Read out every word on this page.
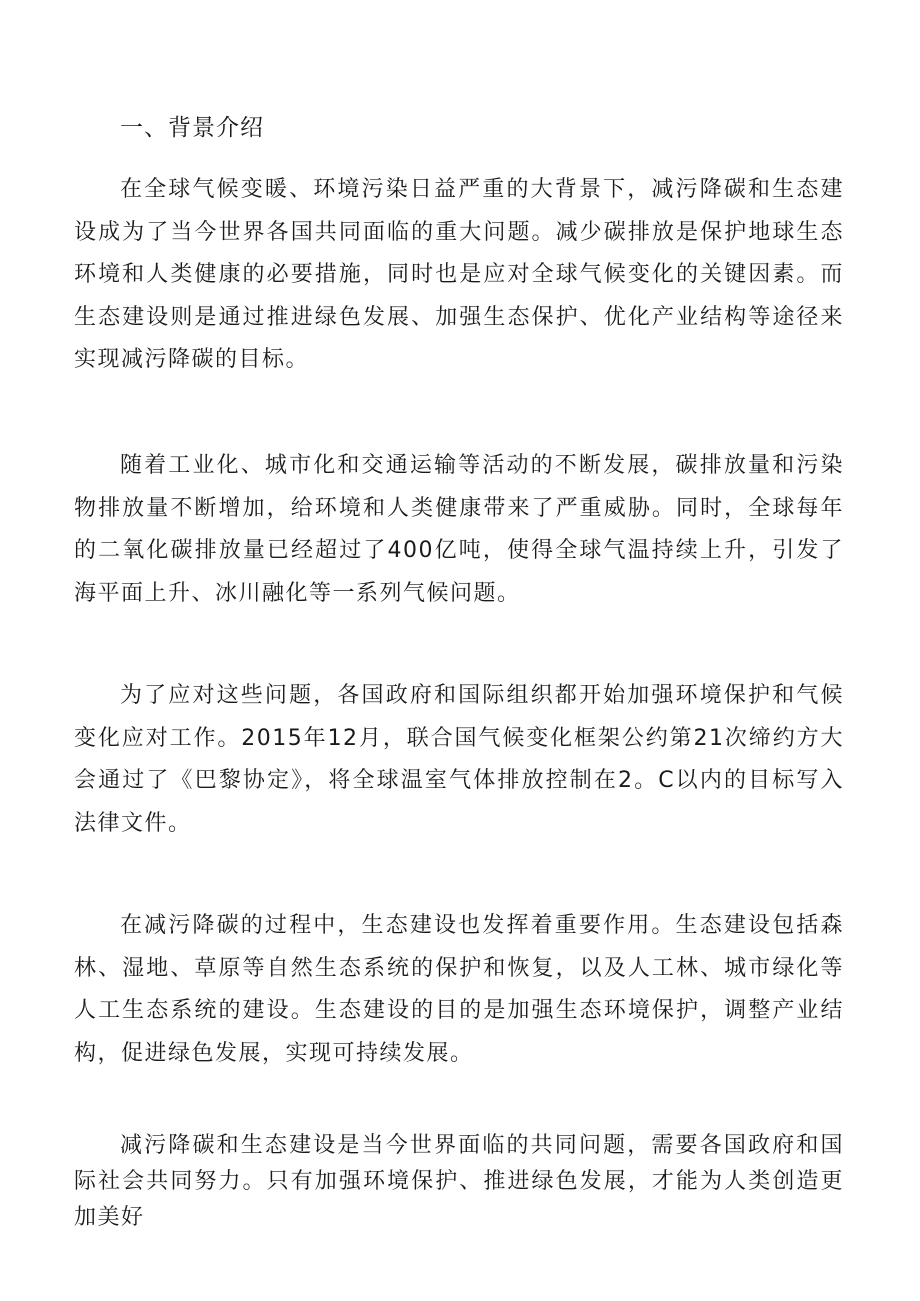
一、背景介绍

在全球气候变暖、环境污染日益严重的大背景下，减污降碳和生态建设成为了当今世界各国共同面临的重大问题。减少碳排放是保护地球生态环境和人类健康的必要措施，同时也是应对全球气候变化的关键因素。而生态建设则是通过推进绿色发展、加强生态保护、优化产业结构等途径来实现减污降碳的目标。

随着工业化、城市化和交通运输等活动的不断发展，碳排放量和污染物排放量不断增加，给环境和人类健康带来了严重威胁。同时，全球每年的二氧化碳排放量已经超过了400亿吨，使得全球气温持续上升，引发了海平面上升、冰川融化等一系列气候问题。

为了应对这些问题，各国政府和国际组织都开始加强环境保护和气候变化应对工作。2015年12月，联合国气候变化框架公约第21次缔约方大会通过了《巴黎协定》，将全球温室气体排放控制在2。C以内的目标写入法律文件。

在减污降碳的过程中，生态建设也发挥着重要作用。生态建设包括森林、湿地、草原等自然生态系统的保护和恢复，以及人工林、城市绿化等人工生态系统的建设。生态建设的目的是加强生态环境保护，调整产业结构，促进绿色发展，实现可持续发展。

减污降碳和生态建设是当今世界面临的共同问题，需要各国政府和国际社会共同努力。只有加强环境保护、推进绿色发展，才能为人类创造更加美好
